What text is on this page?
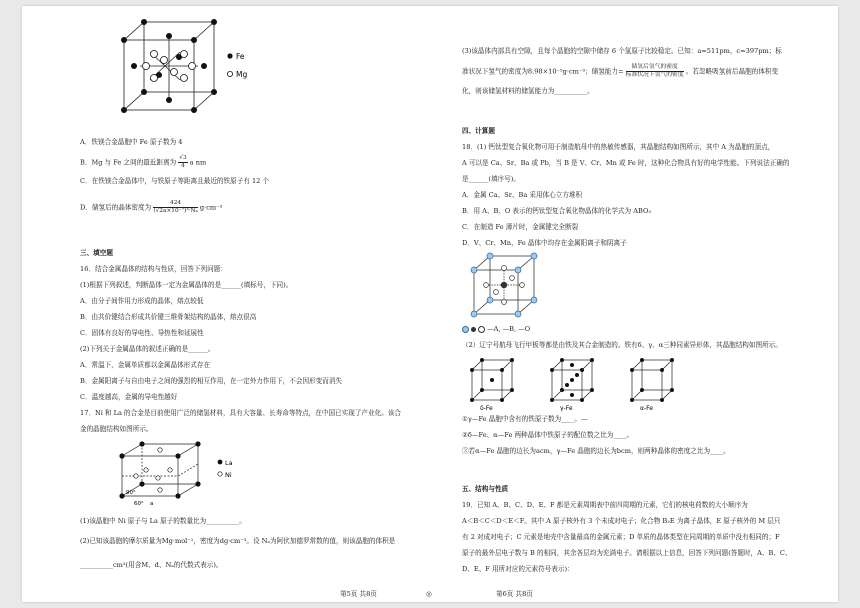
Fe
Mg
A．铁镁合金晶胞中 Fe 原子数为 4
B．Mg 与 Fe 之间的最近距离为 $\frac{√3}{4}$ a nm
C．在铁镁合金晶体中，与铁原子等距离且最近的铁原子有 12 个
D．储氢后的晶体密度为 $\frac{424}{\text{(√2a×10⁻⁷)³·Nₐ}} g\cdot cm^{-3}$
三、填空题
16．结合金属晶体的结构与性质，回答下列问题：
(1)根据下列叙述，判断晶体一定为金属晶体的是______(填标号，下同)。
A．由分子间作用力形成的晶体，熔点较低
B．由共价键结合形成共价键三维骨架结构的晶体，熔点很高
C．固体有良好的导电性、导热性和延展性
(2)下列关于金属晶体的叙述正确的是______。
A．常温下，金属单质都以金属晶体形式存在
B．金属阳离子与自由电子之间的强烈的相互作用，在一定外力作用下，不会因形变而消失
C．温度越高，金属的导电性越好
17．Ni 和 La 的合金是目前使用广泛的储氢材料，具有大容量、长寿命等特点，在中国已实现了产业化。该合
金的晶胞结构如图所示。
90°
60° a
La
Ni
(1)该晶胞中 Ni 原子与 La 原子的数量比为__________。
(2)已知该晶胞的摩尔质量为Mg·mol⁻¹，密度为dg·cm⁻³。设 Nₐ为阿伏加德罗常数的值，则该晶胞的体积是
__________cm³(用含M、d、Nₐ的代数式表示)。
第5页 共8页	◎	第6页 共8页
(3)该晶体内部具有空隙，且每个晶胞的空隙中储存 6 个氢原子比较稳定。已知：a=511pm，c=397pm；标
准状况下氢气的密度为8.98×10⁻⁵g·cm⁻³；储氢能力= $\frac{\text{储氢后氢气的密度}}{\text{标准状况下氢气的密度}}$ 。若忽略吸氢前后晶胞的体积变
化，则该储氢材料的储氢能力为__________。
四、计算题
18．(1) 钙钛型复合氧化物可用于制造航母中的热敏传感器，其晶胞结构如图所示，其中 A 为晶胞的顶点，
A 可以是 Ca、Sr、Ba 或 Pb，当 B 是 V、Cr、Mn 或 Fe 时，这种化合物具有好的电学性能。下列说法正确的
是______(填序号)。
A．金属 Ca、Sr、Ba 采用体心立方堆积
B．用 A、B、O 表示的钙钛型复合氧化物晶体的化学式为 ABO₃
C．在制造 Fe 薄片时，金属键完全断裂
D．V、Cr、Mn、Fe 晶体中均存在金属阳离子和阴离子
—A, —B, —O
（2）辽宁号航母飞行甲板等都是由铁及其合金制造的。铁有δ、γ、α三种同素异形体，其晶胞结构如图所示。
δ-Fe	γ-Fe	α-Fe
①γ—Fe 晶胞中含有的铁原子数为____。—
②δ—Fe、α—Fe 两种晶体中铁原子的配位数之比为____。
③若α—Fe 晶胞的边长为acm，γ—Fe 晶胞的边长为bcm，则两种晶体的密度之比为____。
五、结构与性质
19．已知 A、B、C、D、E、F 都是元素周期表中前四周期的元素，它们的核电荷数的大小顺序为
A＜B＜C＜D＜E＜F。其中 A 原子核外有 3 个未成对电子；化合物 B₂E 为离子晶体，E 原子核外的 M 层只
有 2 对成对电子；C 元素是地壳中含量最高的金属元素；D 单质的晶体类型在同周期的单质中没有相同的；F
原子的最外层电子数与 B 的相同，其余各层均为充满电子。请根据以上信息，回答下列问题(答题时，A、B、C、
D、E、F 用所对应的元素符号表示)：
